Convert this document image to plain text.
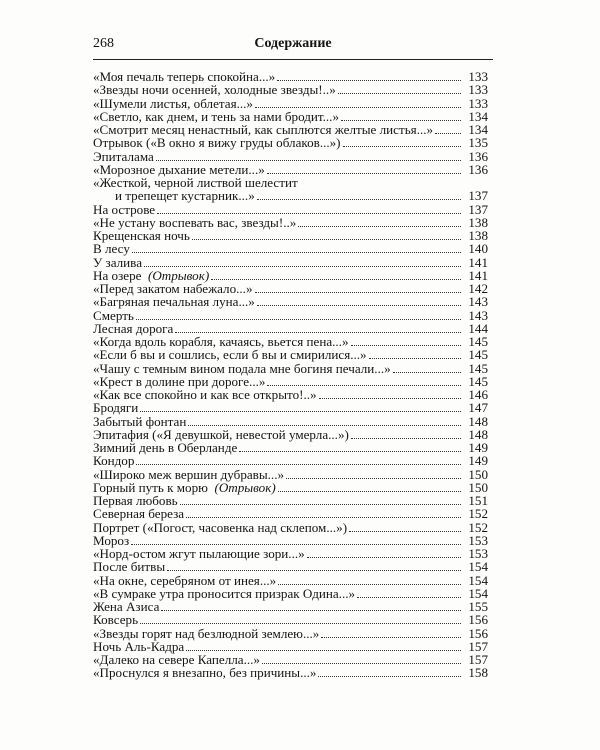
268	Содержание
«Моя печаль теперь спокойна...»	133
«Звезды ночи осенней, холодные звезды!..»	133
«Шумели листья, облетая...»	133
«Светло, как днем, и тень за нами бродит...»	134
«Смотрит месяц ненастный, как сыплются желтые листья...»	134
Отрывок («В окно я вижу груды облаков...»)	135
Эпиталама	136
«Морозное дыхание метели...»	136
«Жесткой, черной листвой шелестит
и трепещет кустарник...»	137
На острове	137
«Не устану воспевать вас, звезды!..»	138
Крещенская ночь	138
В лесу	140
У залива	141
На озере (Отрывок)	141
«Перед закатом набежало...»	142
«Багряная печальная луна...»	143
Смерть	143
Лесная дорога	144
«Когда вдоль корабля, качаясь, вьется пена...»	145
«Если б вы и сошлись, если б вы и смирилися...»	145
«Чашу с темным вином подала мне богиня печали...»	145
«Крест в долине при дороге...»	145
«Как все спокойно и как все открыто!..»	146
Бродяги	147
Забытый фонтан	148
Эпитафия («Я девушкой, невестой умерла...»)	148
Зимний день в Оберланде	149
Кондор	149
«Широко меж вершин дубравы...»	150
Горный путь к морю (Отрывок)	150
Первая любовь	151
Северная береза	152
Портрет («Погост, часовенка над склепом...»)	152
Мороз	153
«Норд-остом жгут пылающие зори...»	153
После битвы	154
«На окне, серебряном от инея...»	154
«В сумраке утра проносится призрак Одина...»	154
Жена Азиса	155
Ковсерь	156
«Звезды горят над безлюдной землею...»	156
Ночь Аль-Кадра	157
«Далеко на севере Капелла...»	157
«Проснулся я внезапно, без причины...»	158
